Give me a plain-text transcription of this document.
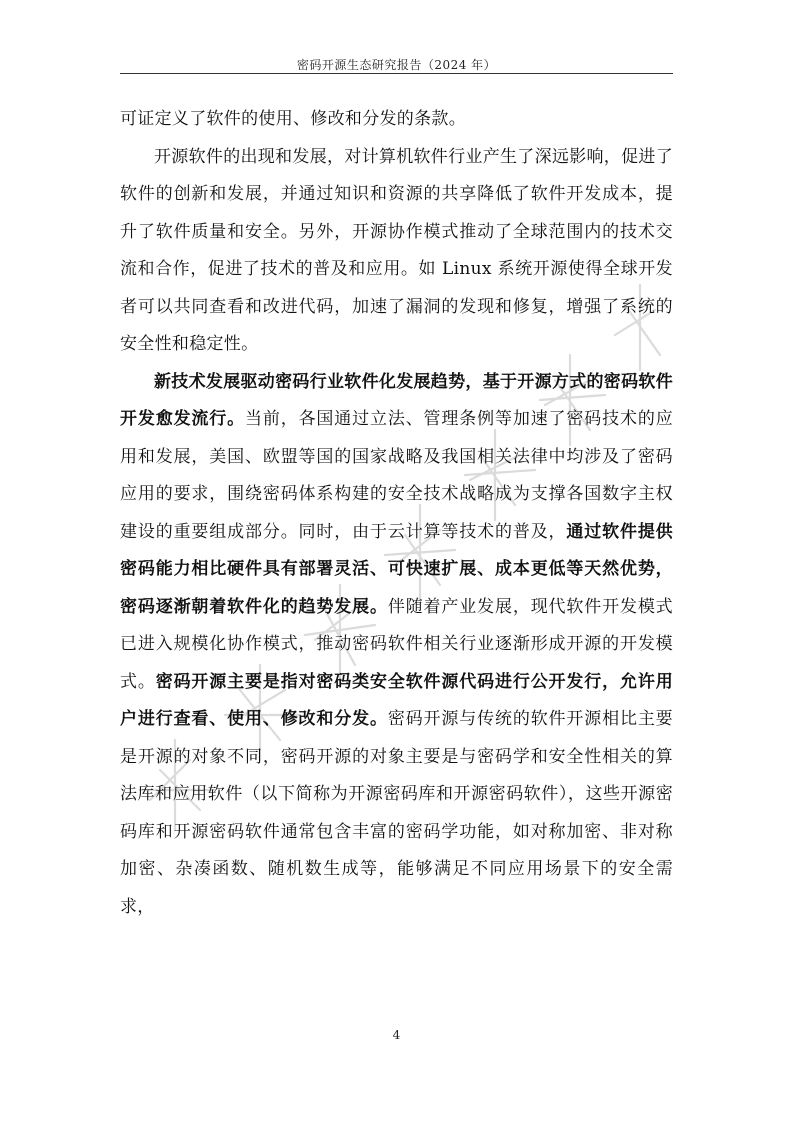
密码开源生态研究报告（2024 年）

可证定义了软件的使用、修改和分发的条款。

开源软件的出现和发展，对计算机软件行业产生了深远影响，促进了软件的创新和发展，并通过知识和资源的共享降低了软件开发成本，提升了软件质量和安全。另外，开源协作模式推动了全球范围内的技术交流和合作，促进了技术的普及和应用。如 Linux 系统开源使得全球开发者可以共同查看和改进代码，加速了漏洞的发现和修复，增强了系统的安全性和稳定性。

新技术发展驱动密码行业软件化发展趋势，基于开源方式的密码软件开发愈发流行。当前，各国通过立法、管理条例等加速了密码技术的应用和发展，美国、欧盟等国的国家战略及我国相关法律中均涉及了密码应用的要求，围绕密码体系构建的安全技术战略成为支撑各国数字主权建设的重要组成部分。同时，由于云计算等技术的普及，通过软件提供密码能力相比硬件具有部署灵活、可快速扩展、成本更低等天然优势，密码逐渐朝着软件化的趋势发展。伴随着产业发展，现代软件开发模式已进入规模化协作模式，推动密码软件相关行业逐渐形成开源的开发模式。密码开源主要是指对密码类安全软件源代码进行公开发行，允许用户进行查看、使用、修改和分发。密码开源与传统的软件开源相比主要是开源的对象不同，密码开源的对象主要是与密码学和安全性相关的算法库和应用软件（以下简称为开源密码库和开源密码软件），这些开源密码库和开源密码软件通常包含丰富的密码学功能，如对称加密、非对称加密、杂凑函数、随机数生成等，能够满足不同应用场景下的安全需求，

4
